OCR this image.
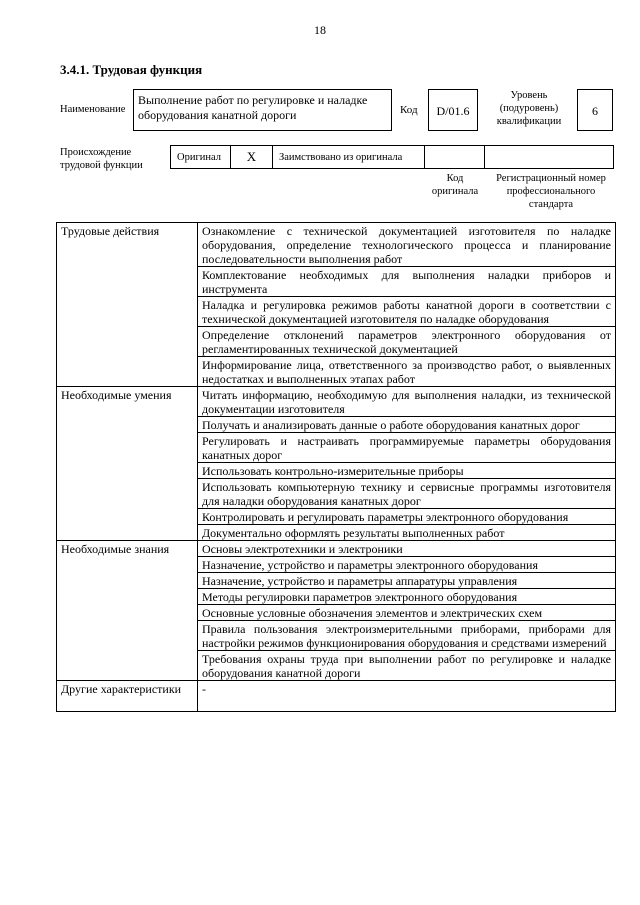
18
3.4.1. Трудовая функция
Наименование
Выполнение работ по регулировке и наладке оборудования канатной дороги	Код	D/01.6
Уровень (подуровень) квалификации
6
Происхождение трудовой функции
Оригинал	X	Заимствовано из оригинала
Код оригинала
Регистрационный номер профессионального стандарта
Трудовые действия	Ознакомление с технической документацией изготовителя по наладке оборудования, определение технологического процесса и планирование последовательности выполнения работ
	Комплектование необходимых для выполнения наладки приборов и инструмента
	Наладка и регулировка режимов работы канатной дороги в соответствии с технической документацией изготовителя по наладке оборудования
	Определение отклонений параметров электронного оборудования от регламентированных технической документацией
	Информирование лица, ответственного за производство работ, о выявленных недостатках и выполненных этапах работ
Необходимые умения	Читать информацию, необходимую для выполнения наладки, из технической документации изготовителя
	Получать и анализировать данные о работе оборудования канатных дорог
	Регулировать и настраивать программируемые параметры оборудования канатных дорог
	Использовать контрольно-измерительные приборы
	Использовать компьютерную технику и сервисные программы изготовителя для наладки оборудования канатных дорог
	Контролировать и регулировать параметры электронного оборудования
	Документально оформлять результаты выполненных работ
Необходимые знания	Основы электротехники и электроники
	Назначение, устройство и параметры электронного оборудования
	Назначение, устройство и параметры аппаратуры управления
	Методы регулировки параметров электронного оборудования
	Основные условные обозначения элементов и электрических схем
	Правила пользования электроизмерительными приборами, приборами для настройки режимов функционирования оборудования и средствами измерений
	Требования охраны труда при выполнении работ по регулировке и наладке оборудования канатной дороги
Другие характеристики	-
